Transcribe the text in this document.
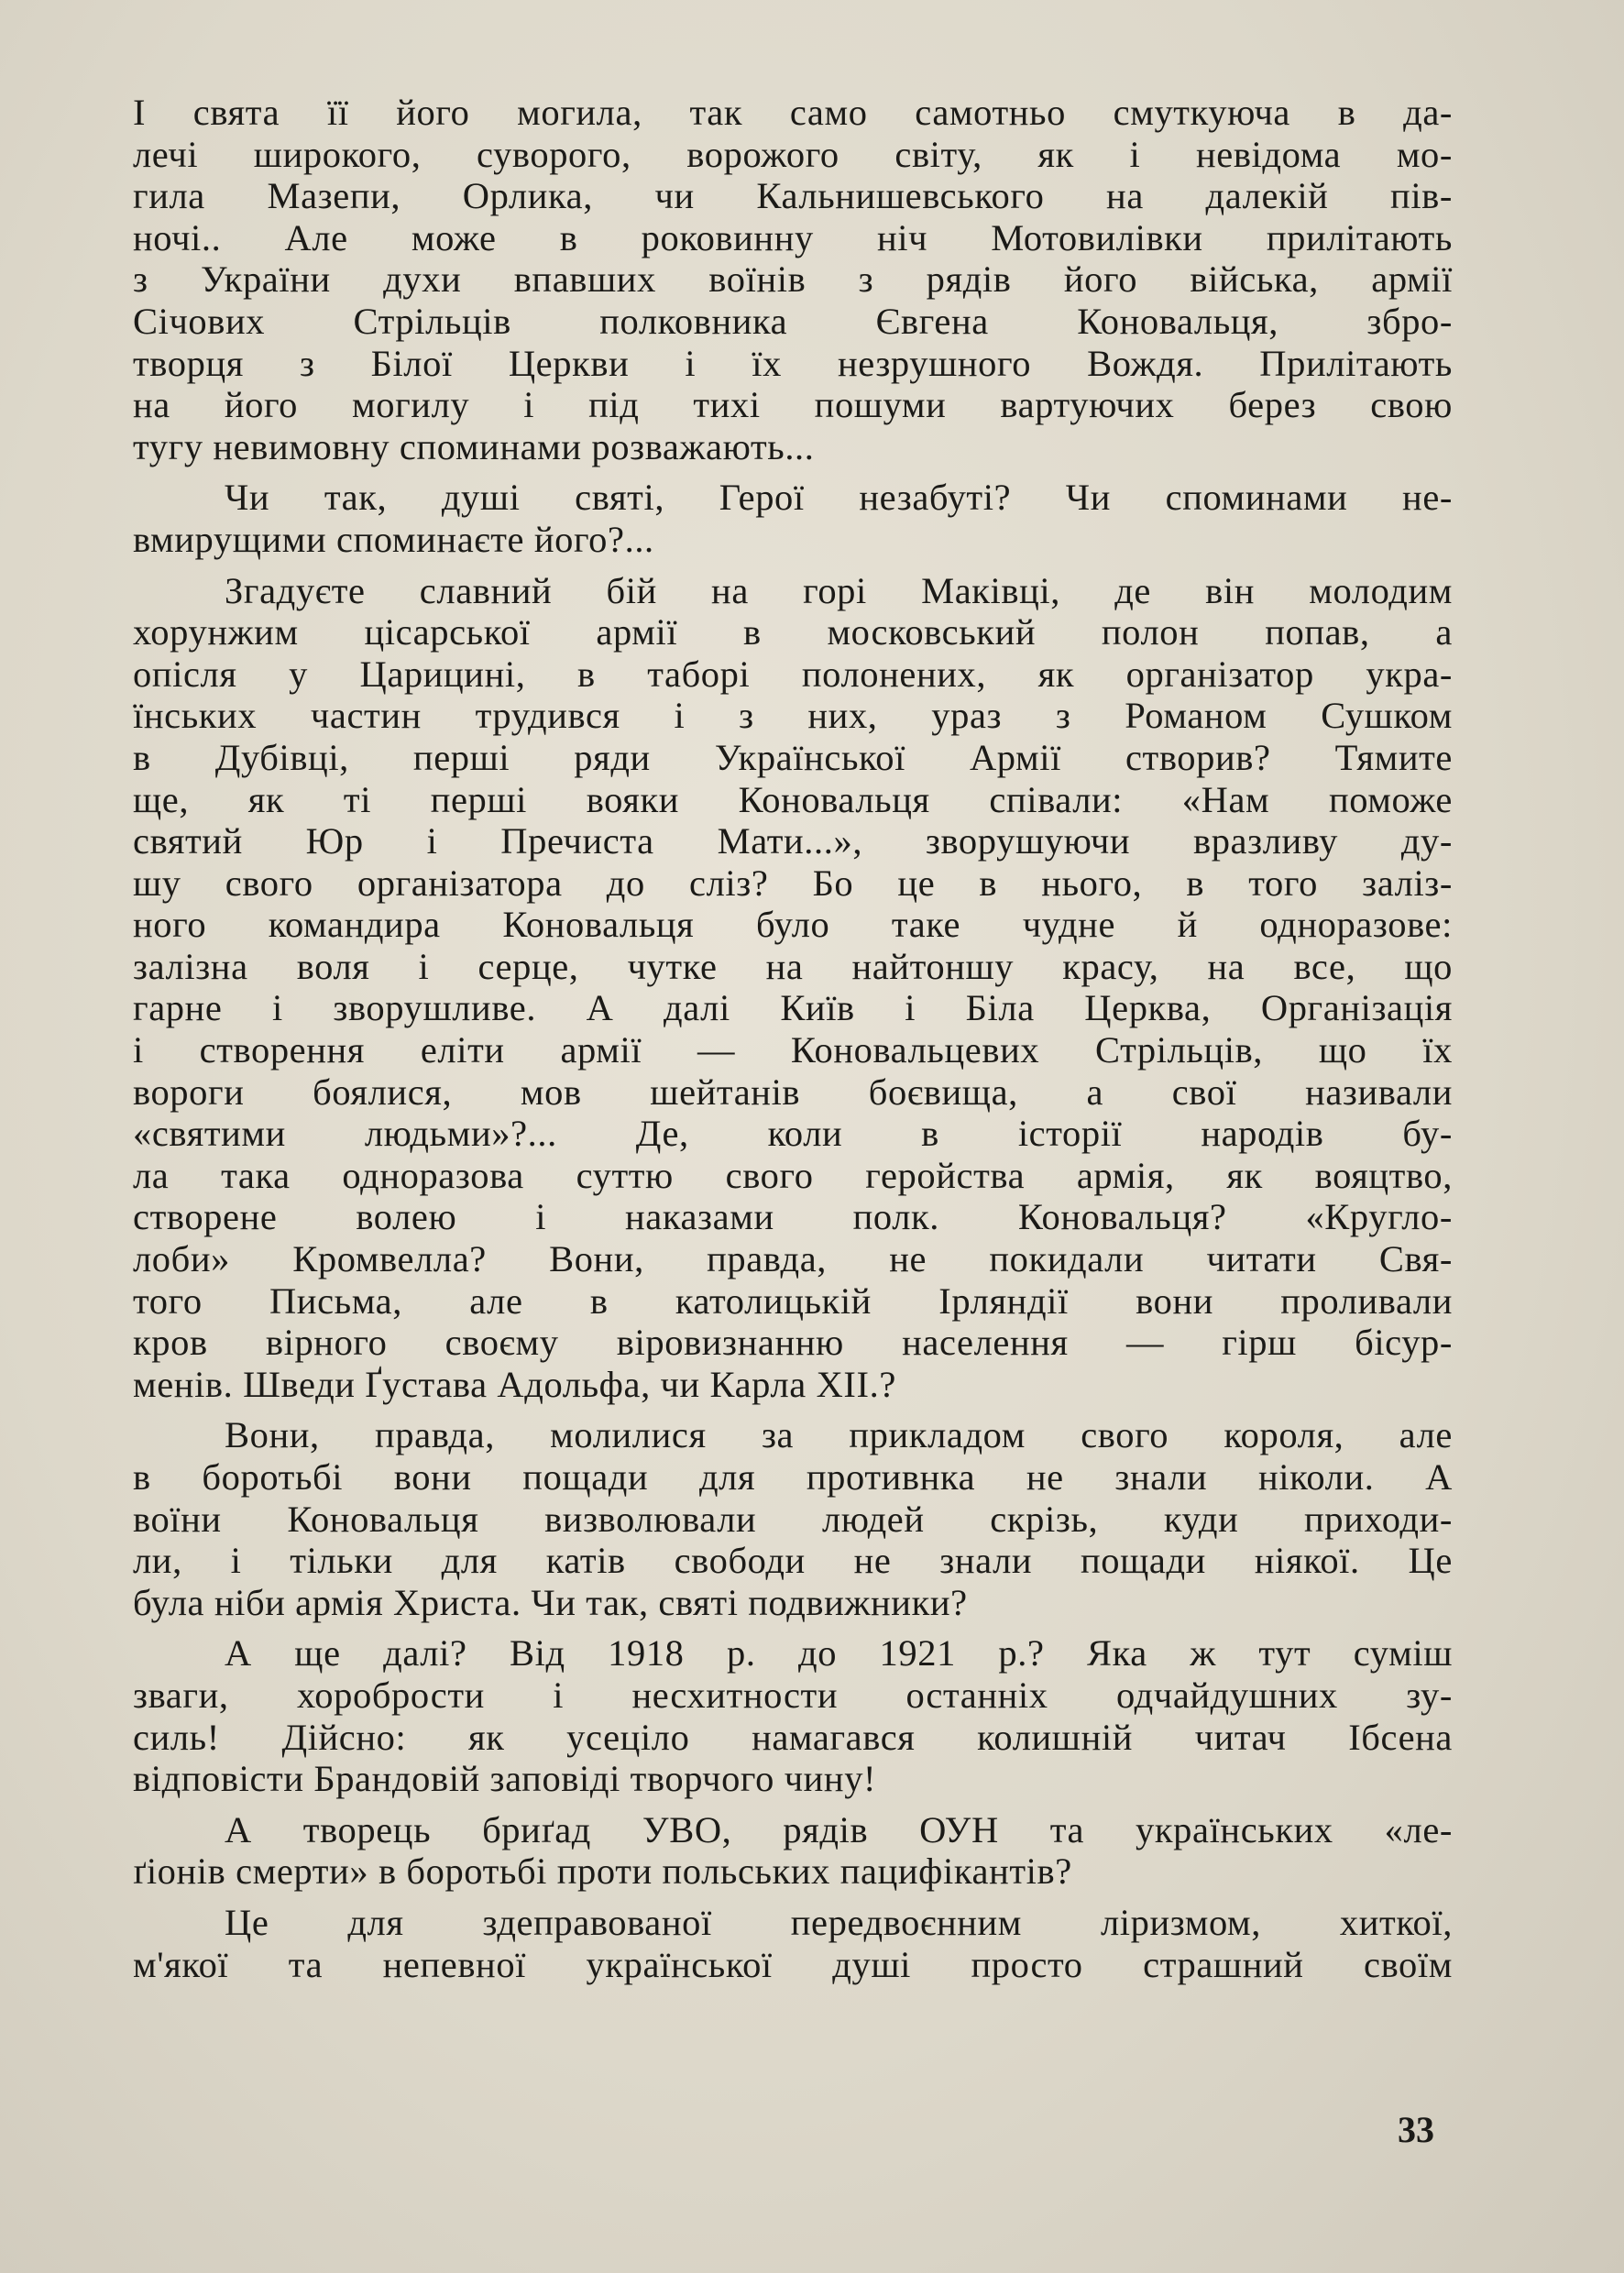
І свята її його могила, так само самотньо смуткуюча в да-
лечі широкого, суворого, ворожого світу, як і невідома мо-
гила Мазепи, Орлика, чи Кальнишевського на далекій пів-
ночі.. Але може в роковинну ніч Мотовилівки прилітають
з України духи впавших воїнів з рядів його війська, армії
Січових Стрільців полковника Євгена Коновальця, збро-
творця з Білої Церкви і їх незрушного Вождя. Прилітають
на його могилу і під тихі пошуми вартуючих берез свою
тугу невимовну споминами розважають...
Чи так, душі святі, Герої незабуті? Чи споминами не-
вмирущими споминаєте його?...
Згадуєте славний бій на горі Маківці, де він молодим
хорунжим цісарської армії в московський полон попав, а
опісля у Царицині, в таборі полонених, як організатор укра-
їнських частин трудився і з них, ураз з Романом Сушком
в Дубівці, перші ряди Української Армії створив? Тямите
ще, як ті перші вояки Коновальця співали: «Нам поможе
святий Юр і Пречиста Мати...», зворушуючи вразливу ду-
шу свого організатора до сліз? Бо це в нього, в того заліз-
ного командира Коновальця було таке чудне й одноразове:
залізна воля і серце, чутке на найтоншу красу, на все, що
гарне і зворушливе. А далі Київ і Біла Церква, Організація
і створення еліти армії — Коновальцевих Стрільців, що їх
вороги боялися, мов шейтанів боєвища, а свої називали
«святими людьми»?... Де, коли в історії народів бу-
ла така одноразова суттю свого геройства армія, як вояцтво,
створене волею і наказами полк. Коновальця? «Кругло-
лоби» Кромвелла? Вони, правда, не покидали читати Свя-
того Письма, але в католицькій Ірляндії вони проливали
кров вірного своєму віровизнанню населення — гірш бісур-
менів. Шведи Ґустава Адольфа, чи Карла XII.?
Вони, правда, молилися за прикладом свого короля, але
в боротьбі вони пощади для противнка не знали ніколи. А
воїни Коновальця визволювали людей скрізь, куди приходи-
ли, і тільки для катів свободи не знали пощади ніякої. Це
була ніби армія Христа. Чи так, святі подвижники?
А ще далі? Від 1918 р. до 1921 р.? Яка ж тут суміш
зваги, хоробрости і несхитности останніх одчайдушних зу-
силь! Дійсно: як усеціло намагався колишній читач Ібсена
відповісти Брандовій заповіді творчого чину!
А творець бриґад УВО, рядів ОУН та українських «ле-
ґіонів смерти» в боротьбі проти польських пацифікантів?
Це для здеправованої передвоєнним ліризмом, хиткої,
м'якої та непевної української душі просто страшний своїм
33
